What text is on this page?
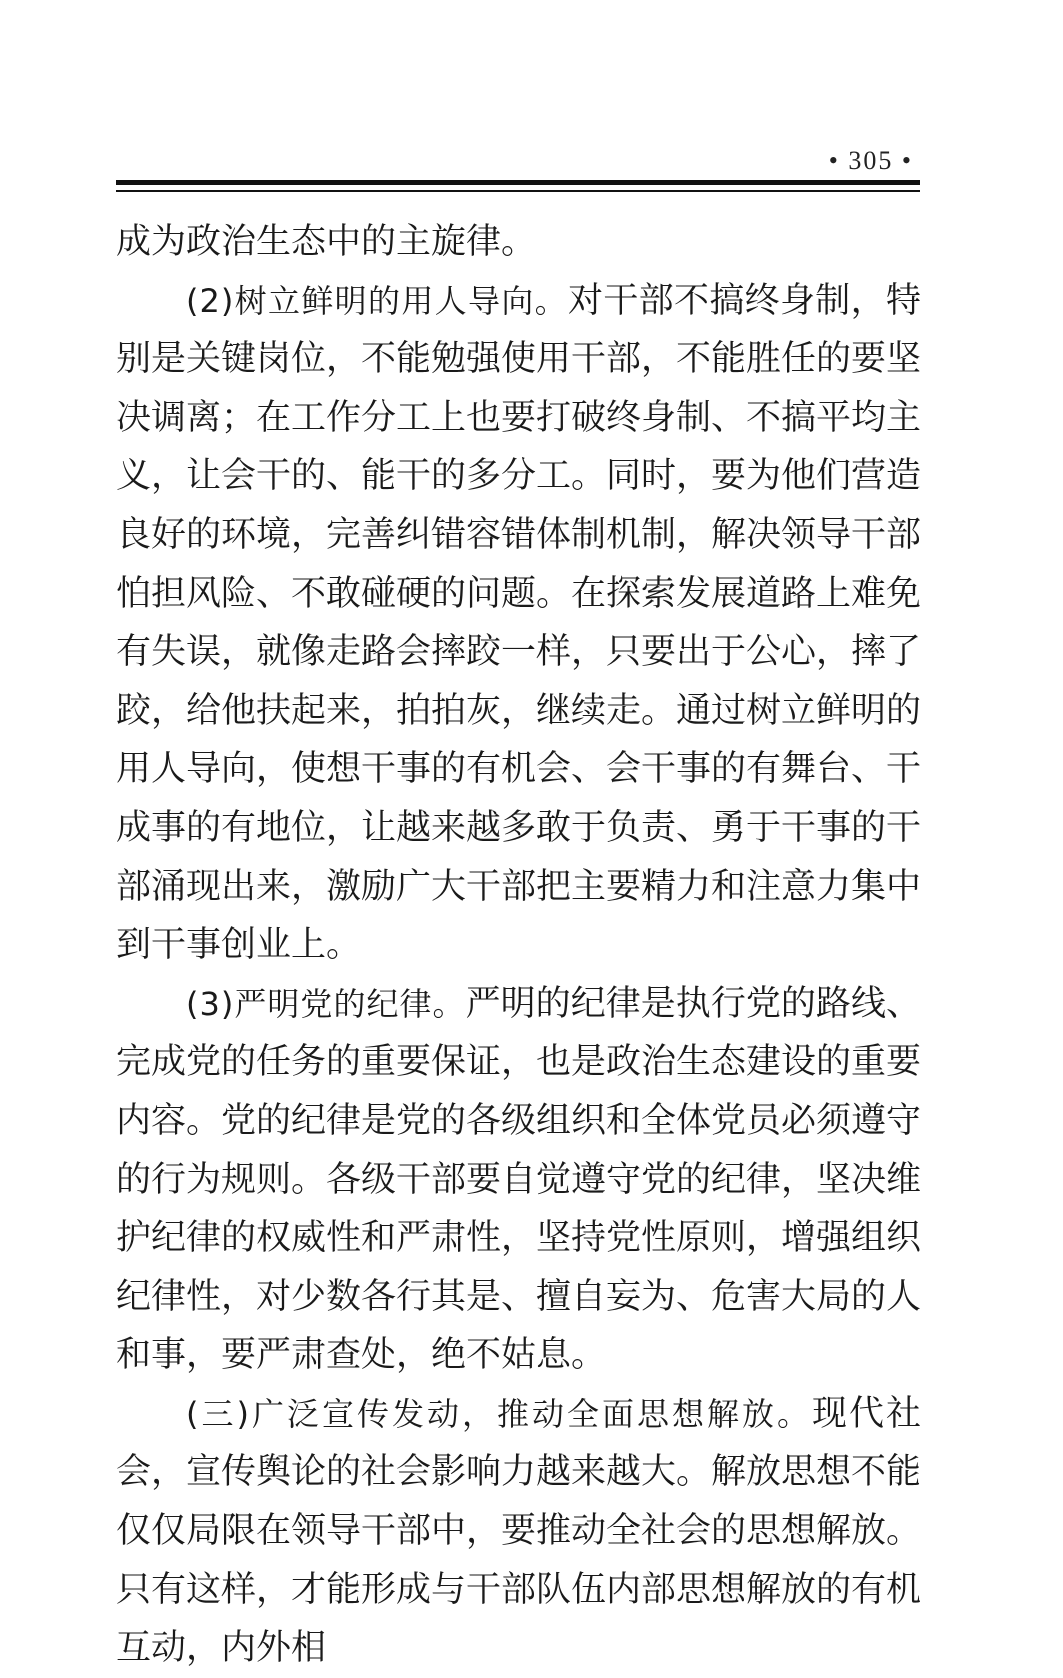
• 305 •

成为政治生态中的主旋律。

(2)树立鲜明的用人导向。对干部不搞终身制，特别是关键岗位，不能勉强使用干部，不能胜任的要坚决调离；在工作分工上也要打破终身制、不搞平均主义，让会干的、能干的多分工。同时，要为他们营造良好的环境，完善纠错容错体制机制，解决领导干部怕担风险、不敢碰硬的问题。在探索发展道路上难免有失误，就像走路会摔跤一样，只要出于公心，摔了跤，给他扶起来，拍拍灰，继续走。通过树立鲜明的用人导向，使想干事的有机会、会干事的有舞台、干成事的有地位，让越来越多敢于负责、勇于干事的干部涌现出来，激励广大干部把主要精力和注意力集中到干事创业上。

(3)严明党的纪律。严明的纪律是执行党的路线、完成党的任务的重要保证，也是政治生态建设的重要内容。党的纪律是党的各级组织和全体党员必须遵守的行为规则。各级干部要自觉遵守党的纪律，坚决维护纪律的权威性和严肃性，坚持党性原则，增强组织纪律性，对少数各行其是、擅自妄为、危害大局的人和事，要严肃查处，绝不姑息。

(三)广泛宣传发动，推动全面思想解放。现代社会，宣传舆论的社会影响力越来越大。解放思想不能仅仅局限在领导干部中，要推动全社会的思想解放。只有这样，才能形成与干部队伍内部思想解放的有机互动，内外相
